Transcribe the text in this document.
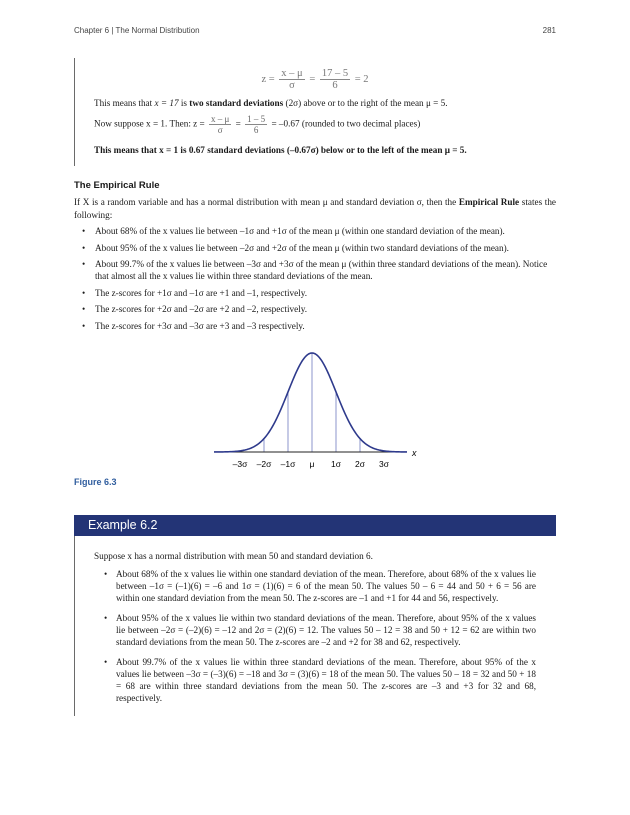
Chapter 6 | The Normal Distribution	281
$z = \frac{x - \mu}{\sigma} = \frac{17 - 5}{6} = 2$
This means that x = 17 is two standard deviations (2σ) above or to the right of the mean μ = 5.
Now suppose x = 1. Then: $z = \frac{x - \mu}{\sigma} = \frac{1 - 5}{6} = -0.67$ (rounded to two decimal places)
This means that x = 1 is 0.67 standard deviations (–0.67σ) below or to the left of the mean μ = 5.
The Empirical Rule
If X is a random variable and has a normal distribution with mean μ and standard deviation σ, then the Empirical Rule states the following:
• About 68% of the x values lie between –1σ and +1σ of the mean μ (within one standard deviation of the mean).
• About 95% of the x values lie between –2σ and +2σ of the mean μ (within two standard deviations of the mean).
• About 99.7% of the x values lie between –3σ and +3σ of the mean μ (within three standard deviations of the mean). Notice that almost all the x values lie within three standard deviations of the mean.
• The z-scores for +1σ and –1σ are +1 and –1, respectively.
• The z-scores for +2σ and –2σ are +2 and –2, respectively.
• The z-scores for +3σ and –3σ are +3 and –3 respectively.
x
–3σ –2σ –1σ μ 1σ 2σ 3σ
Figure 6.3
Example 6.2
Suppose x has a normal distribution with mean 50 and standard deviation 6.
• About 68% of the x values lie within one standard deviation of the mean. Therefore, about 68% of the x values lie between –1σ = (–1)(6) = –6 and 1σ = (1)(6) = 6 of the mean 50. The values 50 – 6 = 44 and 50 + 6 = 56 are within one standard deviation from the mean 50. The z-scores are –1 and +1 for 44 and 56, respectively.
• About 95% of the x values lie within two standard deviations of the mean. Therefore, about 95% of the x values lie between –2σ = (–2)(6) = –12 and 2σ = (2)(6) = 12. The values 50 – 12 = 38 and 50 + 12 = 62 are within two standard deviations from the mean 50. The z-scores are –2 and +2 for 38 and 62, respectively.
• About 99.7% of the x values lie within three standard deviations of the mean. Therefore, about 95% of the x values lie between –3σ = (–3)(6) = –18 and 3σ = (3)(6) = 18 of the mean 50. The values 50 – 18 = 32 and 50 + 18 = 68 are within three standard deviations from the mean 50. The z-scores are –3 and +3 for 32 and 68, respectively.
